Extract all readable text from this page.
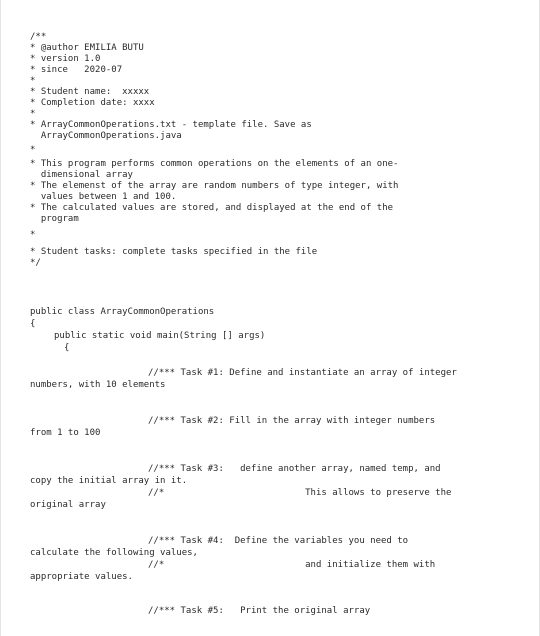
/**
* @author EMILIA BUTU
* version 1.0
* since   2020-07
*
* Student name:  xxxxx
* Completion date: xxxx
*
* ArrayCommonOperations.txt - template file. Save as
ArrayCommonOperations.java
*
* This program performs common operations on the elements of an one-
dimensional array
* The elemenst of the array are random numbers of type integer, with
values between 1 and 100.
* The calculated values are stored, and displayed at the end of the
program
*
* Student tasks: complete tasks specified in the file
*/
public class ArrayCommonOperations
{
public static void main(String [] args)
{
//*** Task #1: Define and instantiate an array of integer
numbers, with 10 elements
//*** Task #2: Fill in the array with integer numbers
from 1 to 100
//*** Task #3:   define another array, named temp, and
copy the initial array in it.
//*                          This allows to preserve the
original array
//*** Task #4:  Define the variables you need to
calculate the following values,
//*                          and initialize them with
appropriate values.
//*** Task #5:   Print the original array
